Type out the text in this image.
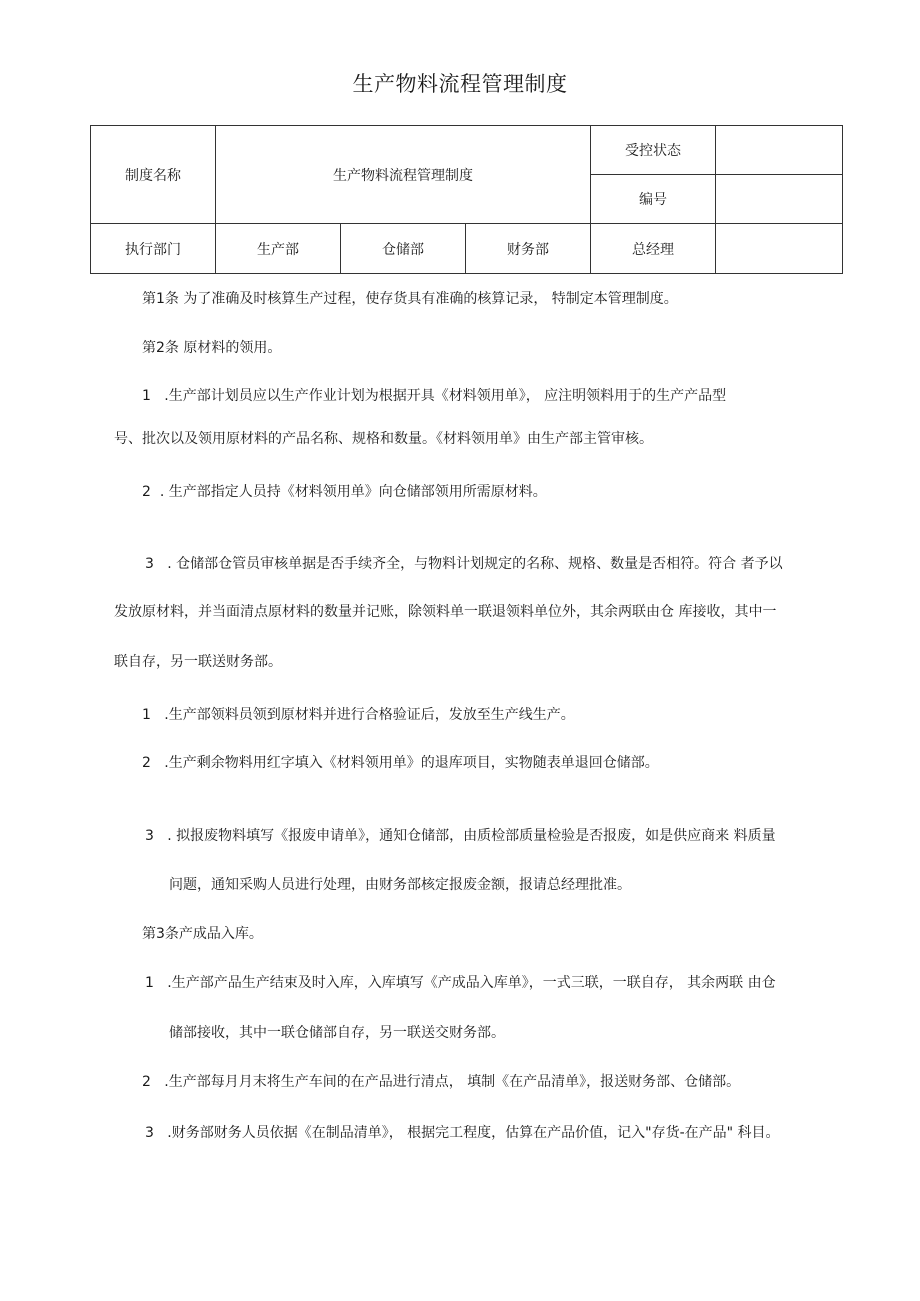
生产物料流程管理制度
制度名称	生产物料流程管理制度			受控状态	
				编号	
执行部门	生产部	仓储部	财务部	总经理	
第1条 为了准确及时核算生产过程，使存货具有准确的核算记录， 特制定本管理制度。
第2条 原材料的领用。
1 .生产部计划员应以生产作业计划为根据开具《材料领用单》， 应注明领料用于的生产产品型
号、批次以及领用原材料的产品名称、规格和数量。《材料领用单》由生产部主管审核。
2 . 生产部指定人员持《材料领用单》向仓储部领用所需原材料。
3 . 仓储部仓管员审核单据是否手续齐全，与物料计划规定的名称、规格、数量是否相符。符合 者予以
发放原材料，并当面清点原材料的数量并记账，除领料单一联退领料单位外，其余两联由仓 库接收，其中一
联自存，另一联送财务部。
1 .生产部领料员领到原材料并进行合格验证后，发放至生产线生产。
2 .生产剩余物料用红字填入《材料领用单》的退库项目，实物随表单退回仓储部。
3 . 拟报废物料填写《报废申请单》，通知仓储部，由质检部质量检验是否报废，如是供应商来 料质量
问题，通知采购人员进行处理，由财务部核定报废金额，报请总经理批准。
第3条产成品入库。
1 .生产部产品生产结束及时入库，入库填写《产成品入库单》，一式三联，一联自存， 其余两联 由仓
储部接收，其中一联仓储部自存，另一联送交财务部。
2 .生产部每月月末将生产车间的在产品进行清点， 填制《在产品清单》，报送财务部、仓储部。
3 .财务部财务人员依据《在制品清单》， 根据完工程度，估算在产品价值，记入"存货-在产品" 科目。
